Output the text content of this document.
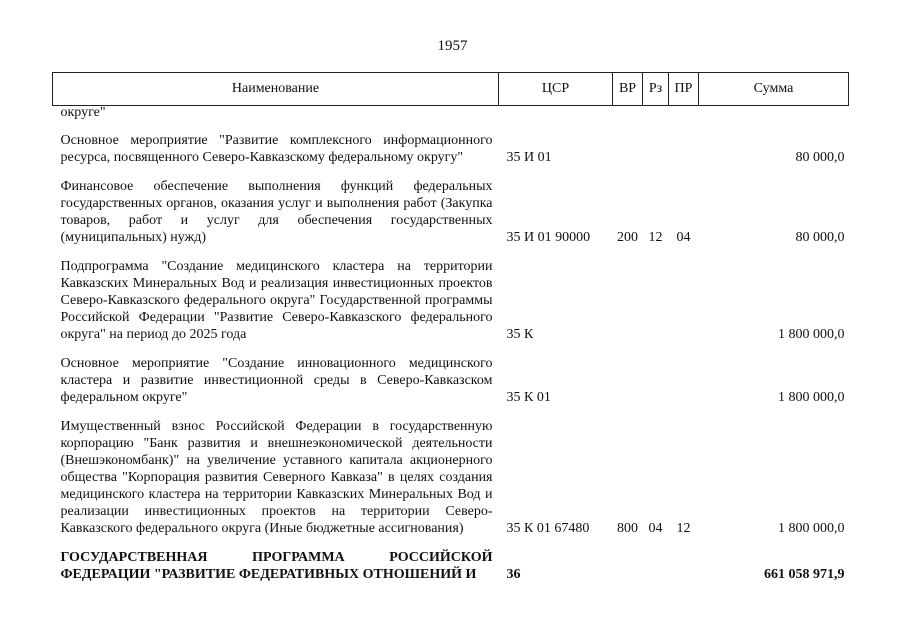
1957
Наименование	ЦСР	ВР	Рз	ПР	Сумма
округе"					

Основное мероприятие "Развитие комплексного информационного ресурса, посвященного Северо-Кавказскому федеральному округу"	35 И 01				80 000,0

Финансовое обеспечение выполнения функций федеральных государственных органов, оказания услуг и выполнения работ (Закупка товаров, работ и услуг для обеспечения государственных (муниципальных) нужд)	35 И 01 90000	200	12	04	80 000,0

Подпрограмма "Создание медицинского кластера на территории Кавказских Минеральных Вод и реализация инвестиционных проектов Северо-Кавказского федерального округа" Государственной программы Российской Федерации "Развитие Северо-Кавказского федерального округа" на период до 2025 года	35 К				1 800 000,0

Основное мероприятие "Создание инновационного медицинского кластера и развитие инвестиционной среды в Северо-Кавказском федеральном округе"	35 К 01				1 800 000,0

Имущественный взнос Российской Федерации в государственную корпорацию "Банк развития и внешнеэкономической деятельности (Внешэкономбанк)" на увеличение уставного капитала акционерного общества "Корпорация развития Северного Кавказа" в целях создания медицинского кластера на территории Кавказских Минеральных Вод и реализации инвестиционных проектов на территории Северо-Кавказского федерального округа (Иные бюджетные ассигнования)	35 К 01 67480	800	04	12	1 800 000,0

ГОСУДАРСТВЕННАЯ ПРОГРАММА РОССИЙСКОЙ ФЕДЕРАЦИИ "РАЗВИТИЕ ФЕДЕРАТИВНЫХ ОТНОШЕНИЙ И	36				661 058 971,9
